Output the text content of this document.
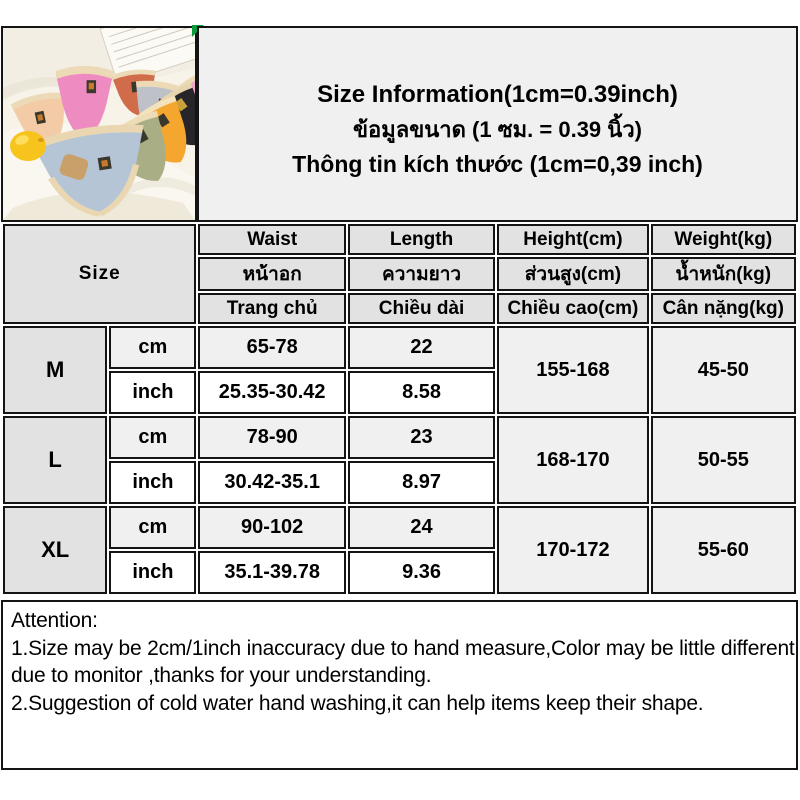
Size Information(1cm=0.39inch)
ข้อมูลขนาด (1 ซม. = 0.39 นิ้ว)
Thông tin kích thước (1cm=0,39 inch)
Size		Waist	Length	Height(cm)	Weight(kg)
		หน้าอก	ความยาว	ส่วนสูง(cm)	น้ำหนัก(kg)
		Trang chủ	Chiều dài	Chiều cao(cm)	Cân nặng(kg)
M	cm	65-78	22	155-168	45-50
	inch	25.35-30.42	8.58		
L	cm	78-90	23	168-170	50-55
	inch	30.42-35.1	8.97		
XL	cm	90-102	24	170-172	55-60
	inch	35.1-39.78	9.36		
Attention:
1.Size may be 2cm/1inch inaccuracy due to hand measure,Color may be little different
due to monitor ,thanks for your understanding.
2.Suggestion of cold water hand washing,it can help items keep their shape.
